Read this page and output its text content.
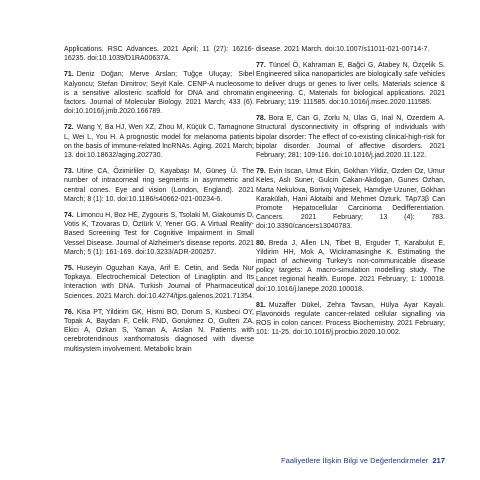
Applications. RSC Advances. 2021 April; 11 (27): 16216-16235. doi:10.1039/D1RA00637A.

71. Deniz Doğan; Merve Arslan; Tuğçe Uluçay; Sibel Kalyoncu; Stefan Dimitrov; Seyit Kale. CENP-A nucleosome is a sensitive allosteric scaffold for DNA and chromatin factors. Journal of Molecular Biology. 2021 March; 433 (6). doi:10.1016/j.jmb.2020.166789.

72. Wang Y, Ba HJ, Wen XZ, Zhou M, Küçük C, Tamagnone L, Wei L, You H. A prognostic model for melanoma patients on the basis of immune-related lncRNAs. Aging. 2021 March; 13. doi:10.18632/aging.202730.

73. Utine CA, Özimirliler D, Kayabaşı M, Güneş Ü. The number of intracorneal ring segments in asymmetric and central cones. Eye and vision (London, England). 2021 March; 8 (1): 10. doi:10.1186/s40662-021-00234-6.

74. Limoncu H, Boz HE, Zygouris S, Tsolaki M, Giakoumis D, Votis K, Tzovaras D, Öztürk V, Yener GG. A Virtual Reality-Based Screening Test for Cognitive Impairment in Small Vessel Disease. Journal of Alzheimer's disease reports. 2021 March; 5 (1): 161-169. doi:10.3233/ADR-200257.

75. Huseyin Oguzhan Kaya, Arif E. Cetin, and Seda Nur Topkaya. Electrochemical Detection of Linagliptin and Its Interaction with DNA. Turkish Journal of Pharmaceutical Sciences. 2021 March. doi:10.4274/tjps.galenos.2021.71354.

76. Kisa PT, Yildirim GK, Hismi BO, Dorum S, Kusbeci OY, Topak A, Baydan F, Celik FND, Gorukmez O, Gulten ZA, Ekici A, Ozkan S, Yaman A, Arslan N. Patients with cerebrotendinous xanthomatosis diagnosed with diverse multisystem involvement. Metabolic brain

disease. 2021 March. doi:10.1007/s11011-021-00714-7.

77. Tüncel Ö, Kahraman E, Bağci G, Atabey N, Özçelik S. Engineered silica nanoparticles are biologically safe vehicles to deliver drugs or genes to liver cells. Materials science & engineering. C, Materials for biological applications. 2021 February; 119: 111585. doi:10.1016/j.msec.2020.111585.

78. Bora E, Can G, Zorlu N, Ulas G, Inal N, Ozerdem A. Structural dysconnectivity in offspring of individuals with bipolar disorder: The effect of co-existing clinical-high-risk for bipolar disorder. Journal of affective disorders. 2021 February; 281: 109-116. doi:10.1016/j.jad.2020.11.122.

79. Evin Iscan, Umut Ekin, Gokhan Yildiz, Ozden Oz, Umur Keles, Aslı Suner, Gulcin Cakan-Akdogan, Gunes Ozhan, Marta Nekulova, Borivoj Vojtesek, Hamdiye Uzuner, Gökhan Karakülah, Hani Alotaibi and Mehmet Ozturk. TAp73β Can Promote Hepatocellular Carcinoma Dedifferentiation. Cancers. 2021 February; 13 (4): 783. doi:10.3390/cancers13040783.

80. Breda J, Allen LN, Tibet B, Erguder T, Karabulut E, Yildirim HH, Mok A, Wickramasinghe K. Estimating the impact of achieving Turkey's non-communicable disease policy targets: A macro-simulation modelling study. The Lancet regional health. Europe. 2021 February; 1: 100018. doi:10.1016/j.lanepe.2020.100018.

81. Muzaffer Dükel, Zehra Tavsan, Hülya Ayar Kayalı. Flavonoids regulate cancer-related cellular signalling via ROS in colon cancer. Process Biochemistry. 2021 February; 101: 11-25. doi:10.1016/j.procbio.2020.10.002.

Faaliyetlere İlişkin Bilgi ve Değerlendirmeler 217
